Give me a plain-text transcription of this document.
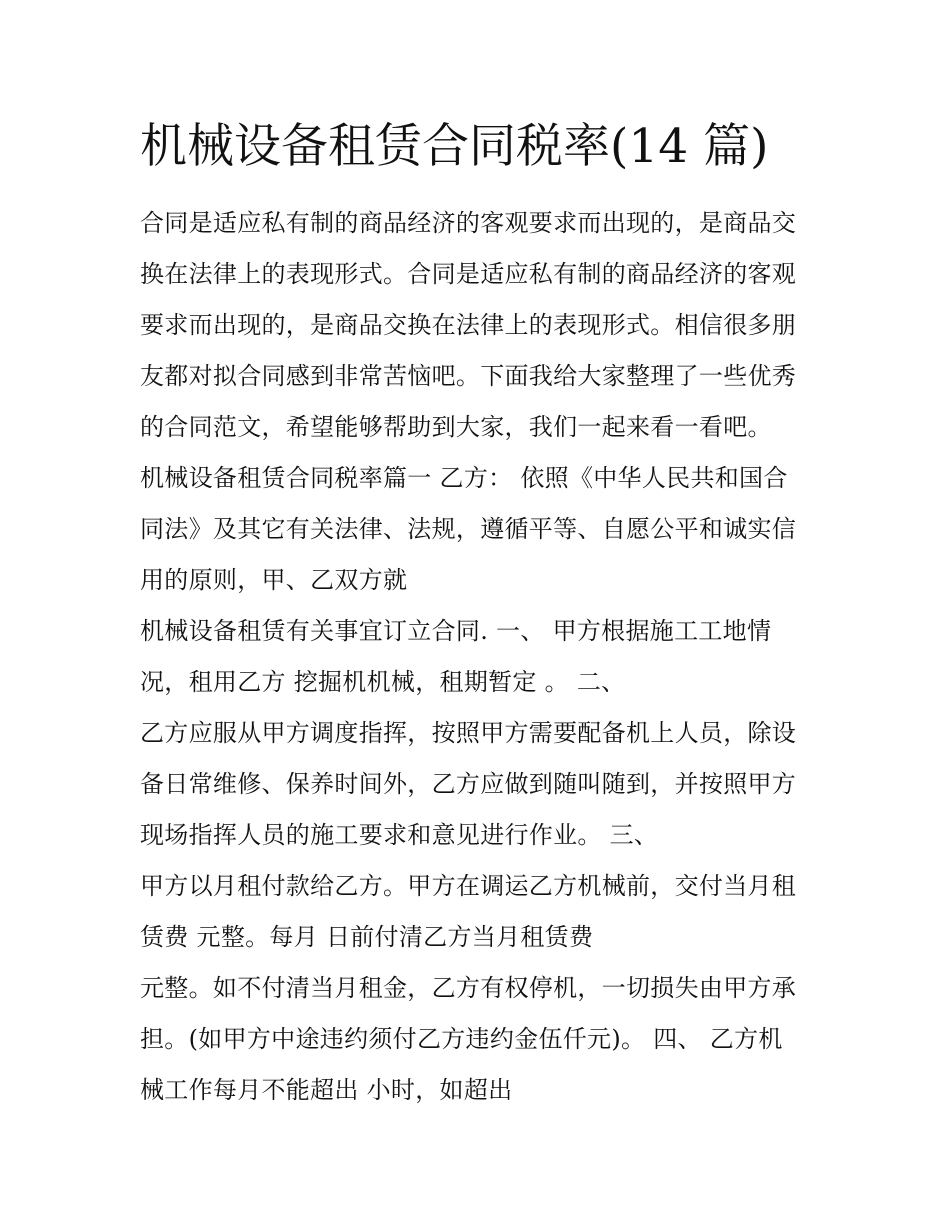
机械设备租赁合同税率(14 篇)
合同是适应私有制的商品经济的客观要求而出现的，是商品交
换在法律上的表现形式。合同是适应私有制的商品经济的客观
要求而出现的，是商品交换在法律上的表现形式。相信很多朋
友都对拟合同感到非常苦恼吧。下面我给大家整理了一些优秀
的合同范文，希望能够帮助到大家，我们一起来看一看吧。
机械设备租赁合同税率篇一 乙方： 依照《中华人民共和国合
同法》及其它有关法律、法规，遵循平等、自愿公平和诚实信
用的原则，甲、乙双方就
机械设备租赁有关事宜订立合同. 一、 甲方根据施工工地情
况，租用乙方 挖掘机机械，租期暂定 。 二、
乙方应服从甲方调度指挥，按照甲方需要配备机上人员，除设
备日常维修、保养时间外，乙方应做到随叫随到，并按照甲方
现场指挥人员的施工要求和意见进行作业。 三、
甲方以月租付款给乙方。甲方在调运乙方机械前，交付当月租
赁费 元整。每月 日前付清乙方当月租赁费
元整。如不付清当月租金，乙方有权停机，一切损失由甲方承
担。(如甲方中途违约须付乙方违约金伍仟元)。 四、 乙方机
械工作每月不能超出 小时，如超出
